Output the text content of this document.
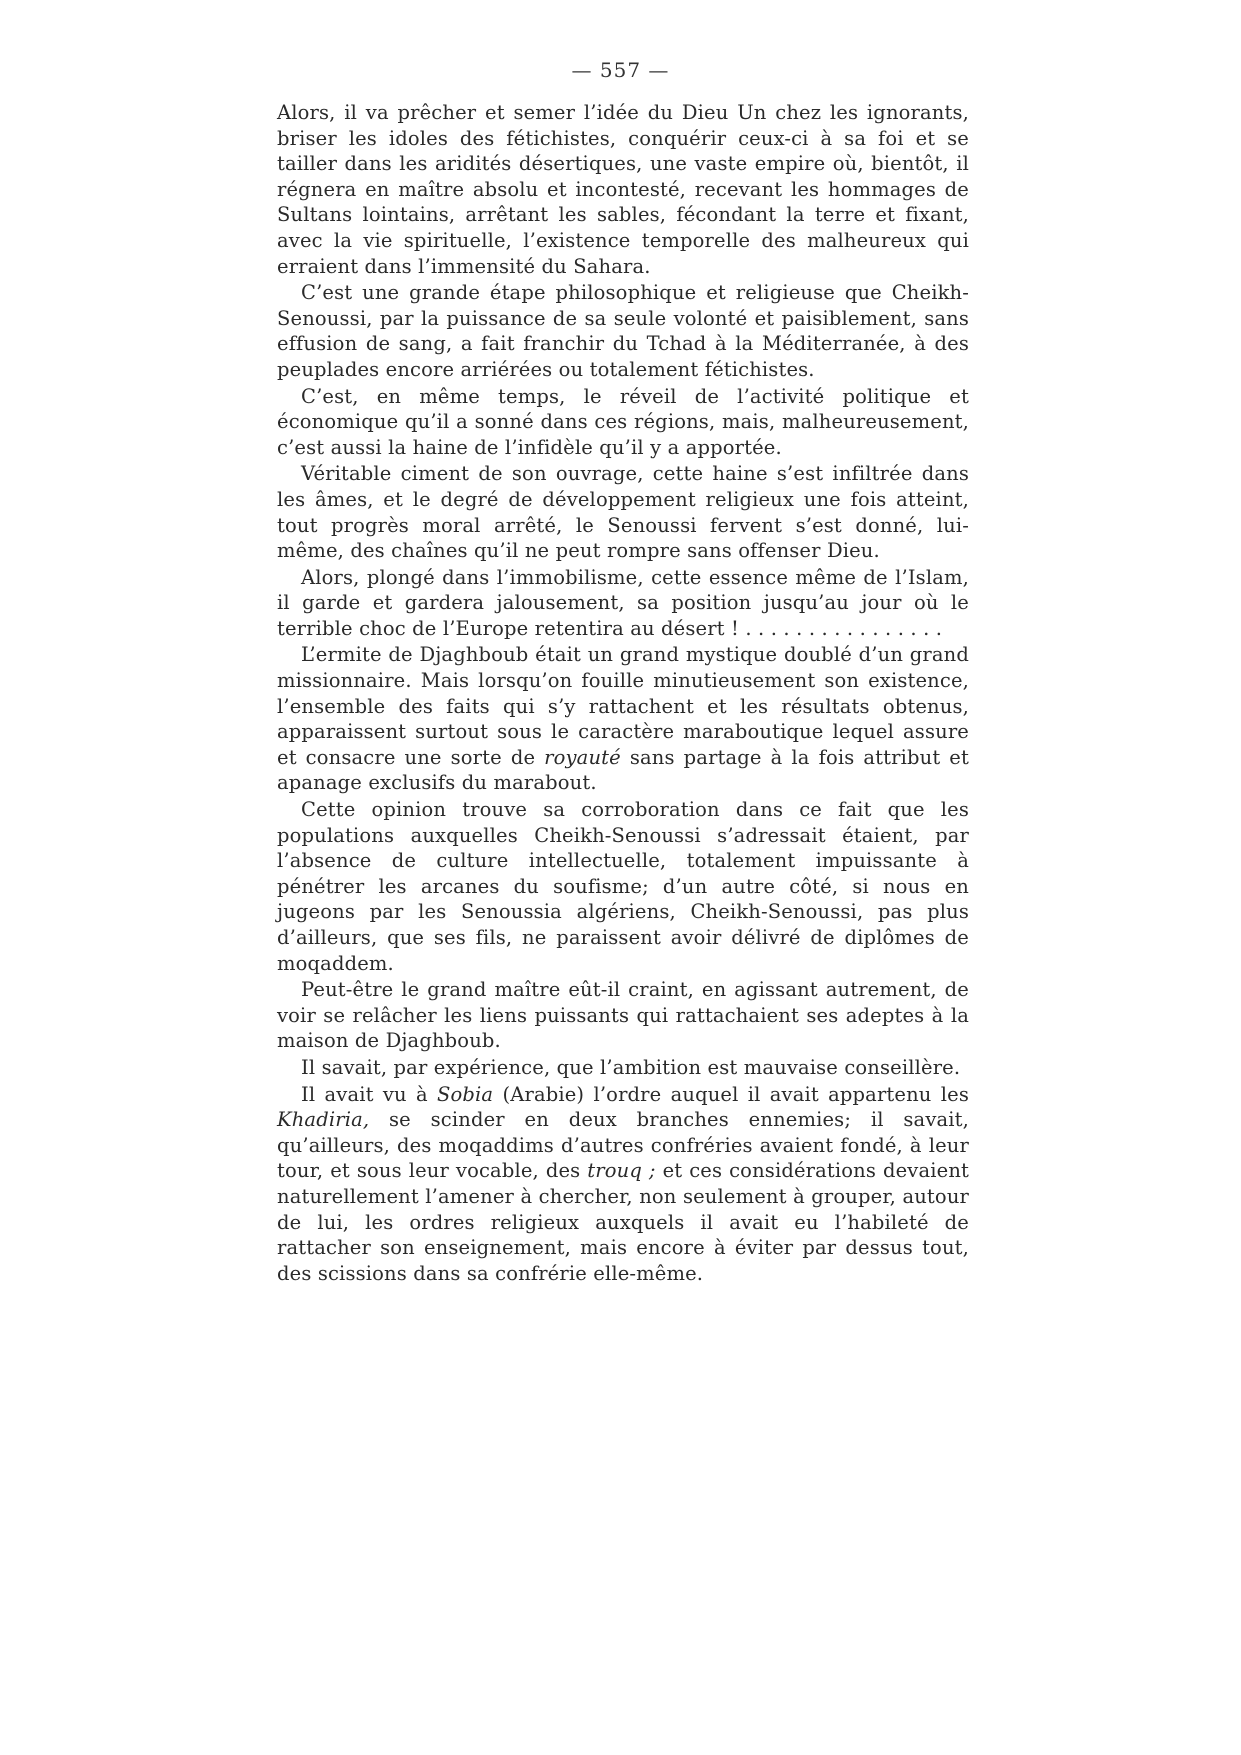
— 557 —

Alors, il va prêcher et semer l’idée du Dieu Un chez les ignorants, briser les idoles des fétichistes, conquérir ceux-ci à sa foi et se tailler dans les aridités désertiques, une vaste empire où, bientôt, il régnera en maître absolu et incontesté, recevant les hommages de Sultans lointains, arrêtant les sables, fécondant la terre et fixant, avec la vie spirituelle, l’existence temporelle des malheureux qui erraient dans l’immensité du Sahara.

C’est une grande étape philosophique et religieuse que Cheikh-Senoussi, par la puissance de sa seule volonté et paisiblement, sans effusion de sang, a fait franchir du Tchad à la Méditerranée, à des peuplades encore arriérées ou totalement fétichistes.

C’est, en même temps, le réveil de l’activité politique et économique qu’il a sonné dans ces régions, mais, malheureusement, c’est aussi la haine de l’infidèle qu’il y a apportée.

Véritable ciment de son ouvrage, cette haine s’est infiltrée dans les âmes, et le degré de développement religieux une fois atteint, tout progrès moral arrêté, le Senoussi fervent s’est donné, lui-même, des chaînes qu’il ne peut rompre sans offenser Dieu.

Alors, plongé dans l’immobilisme, cette essence même de l’Islam, il garde et gardera jalousement, sa position jusqu’au jour où le terrible choc de l’Europe retentira au désert ! . . . . . . . . . . . . . . . .

L’ermite de Djaghboub était un grand mystique doublé d’un grand missionnaire. Mais lorsqu’on fouille minutieusement son existence, l’ensemble des faits qui s’y rattachent et les résultats obtenus, apparaissent surtout sous le caractère maraboutique lequel assure et consacre une sorte de royauté sans partage à la fois attribut et apanage exclusifs du marabout.

Cette opinion trouve sa corroboration dans ce fait que les populations auxquelles Cheikh-Senoussi s’adressait étaient, par l’absence de culture intellectuelle, totalement impuissante à pénétrer les arcanes du soufisme; d’un autre côté, si nous en jugeons par les Senoussia algériens, Cheikh-Senoussi, pas plus d’ailleurs, que ses fils, ne paraissent avoir délivré de diplômes de moqaddem.

Peut-être le grand maître eût-il craint, en agissant autrement, de voir se relâcher les liens puissants qui rattachaient ses adeptes à la maison de Djaghboub.

Il savait, par expérience, que l’ambition est mauvaise conseillère.

Il avait vu à Sobia (Arabie) l’ordre auquel il avait appartenu les Khadiria, se scinder en deux branches ennemies; il savait, qu’ailleurs, des moqaddims d’autres confréries avaient fondé, à leur tour, et sous leur vocable, des trouq ; et ces considérations devaient naturellement l’amener à chercher, non seulement à grouper, autour de lui, les ordres religieux auxquels il avait eu l’habileté de rattacher son enseignement, mais encore à éviter par dessus tout, des scissions dans sa confrérie elle-même.
